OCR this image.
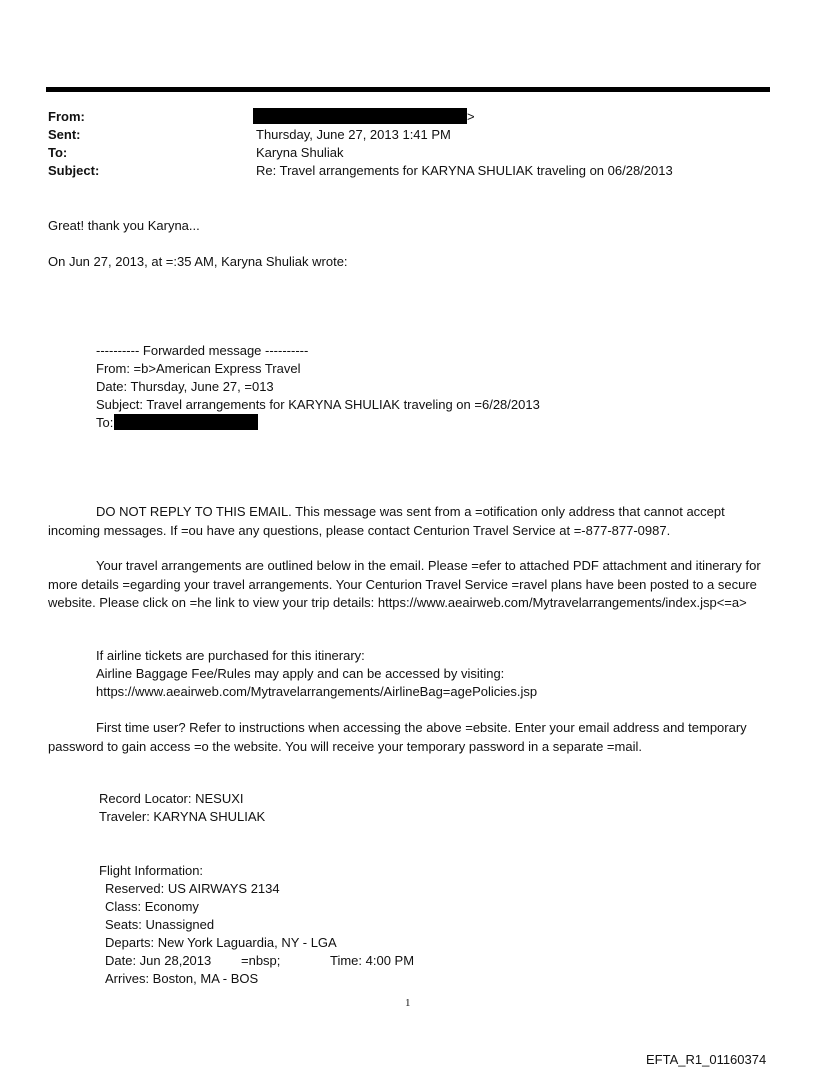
From:	>
Sent:	Thursday, June 27, 2013 1:41 PM
To:	Karyna Shuliak
Subject:	Re: Travel arrangements for KARYNA SHULIAK traveling on 06/28/2013
Great! thank you Karyna...
On Jun 27, 2013, at =:35 AM, Karyna Shuliak wrote:
---------- Forwarded message ----------
From: =b>American Express Travel
Date: Thursday, June 27, =013
Subject: Travel arrangements for KARYNA SHULIAK traveling on =6/28/2013
To:
DO NOT REPLY TO THIS EMAIL. This message was sent from a =otification only address that cannot accept incoming messages. If =ou have any questions, please contact Centurion Travel Service at =-877-877-0987.
Your travel arrangements are outlined below in the email. Please =efer to attached PDF attachment and itinerary for more details =egarding your travel arrangements. Your Centurion Travel Service =ravel plans have been posted to a secure website. Please click on =he link to view your trip details: https://www.aeairweb.com/Mytravelarrangements/index.jsp<=a>
If airline tickets are purchased for this itinerary:
Airline Baggage Fee/Rules may apply and can be accessed by visiting:
https://www.aeairweb.com/Mytravelarrangements/AirlineBag=agePolicies.jsp
First time user? Refer to instructions when accessing the above =ebsite. Enter your email address and temporary password to gain access =o the website. You will receive your temporary password in a separate =mail.
Record Locator: NESUXI
Traveler: KARYNA SHULIAK
Flight Information:
Reserved: US AIRWAYS 2134
Class: Economy
Seats: Unassigned
Departs: New York Laguardia, NY - LGA
Date: Jun 28,2013 =nbsp;	Time: 4:00 PM
Arrives: Boston, MA - BOS
1
EFTA_R1_01160374
